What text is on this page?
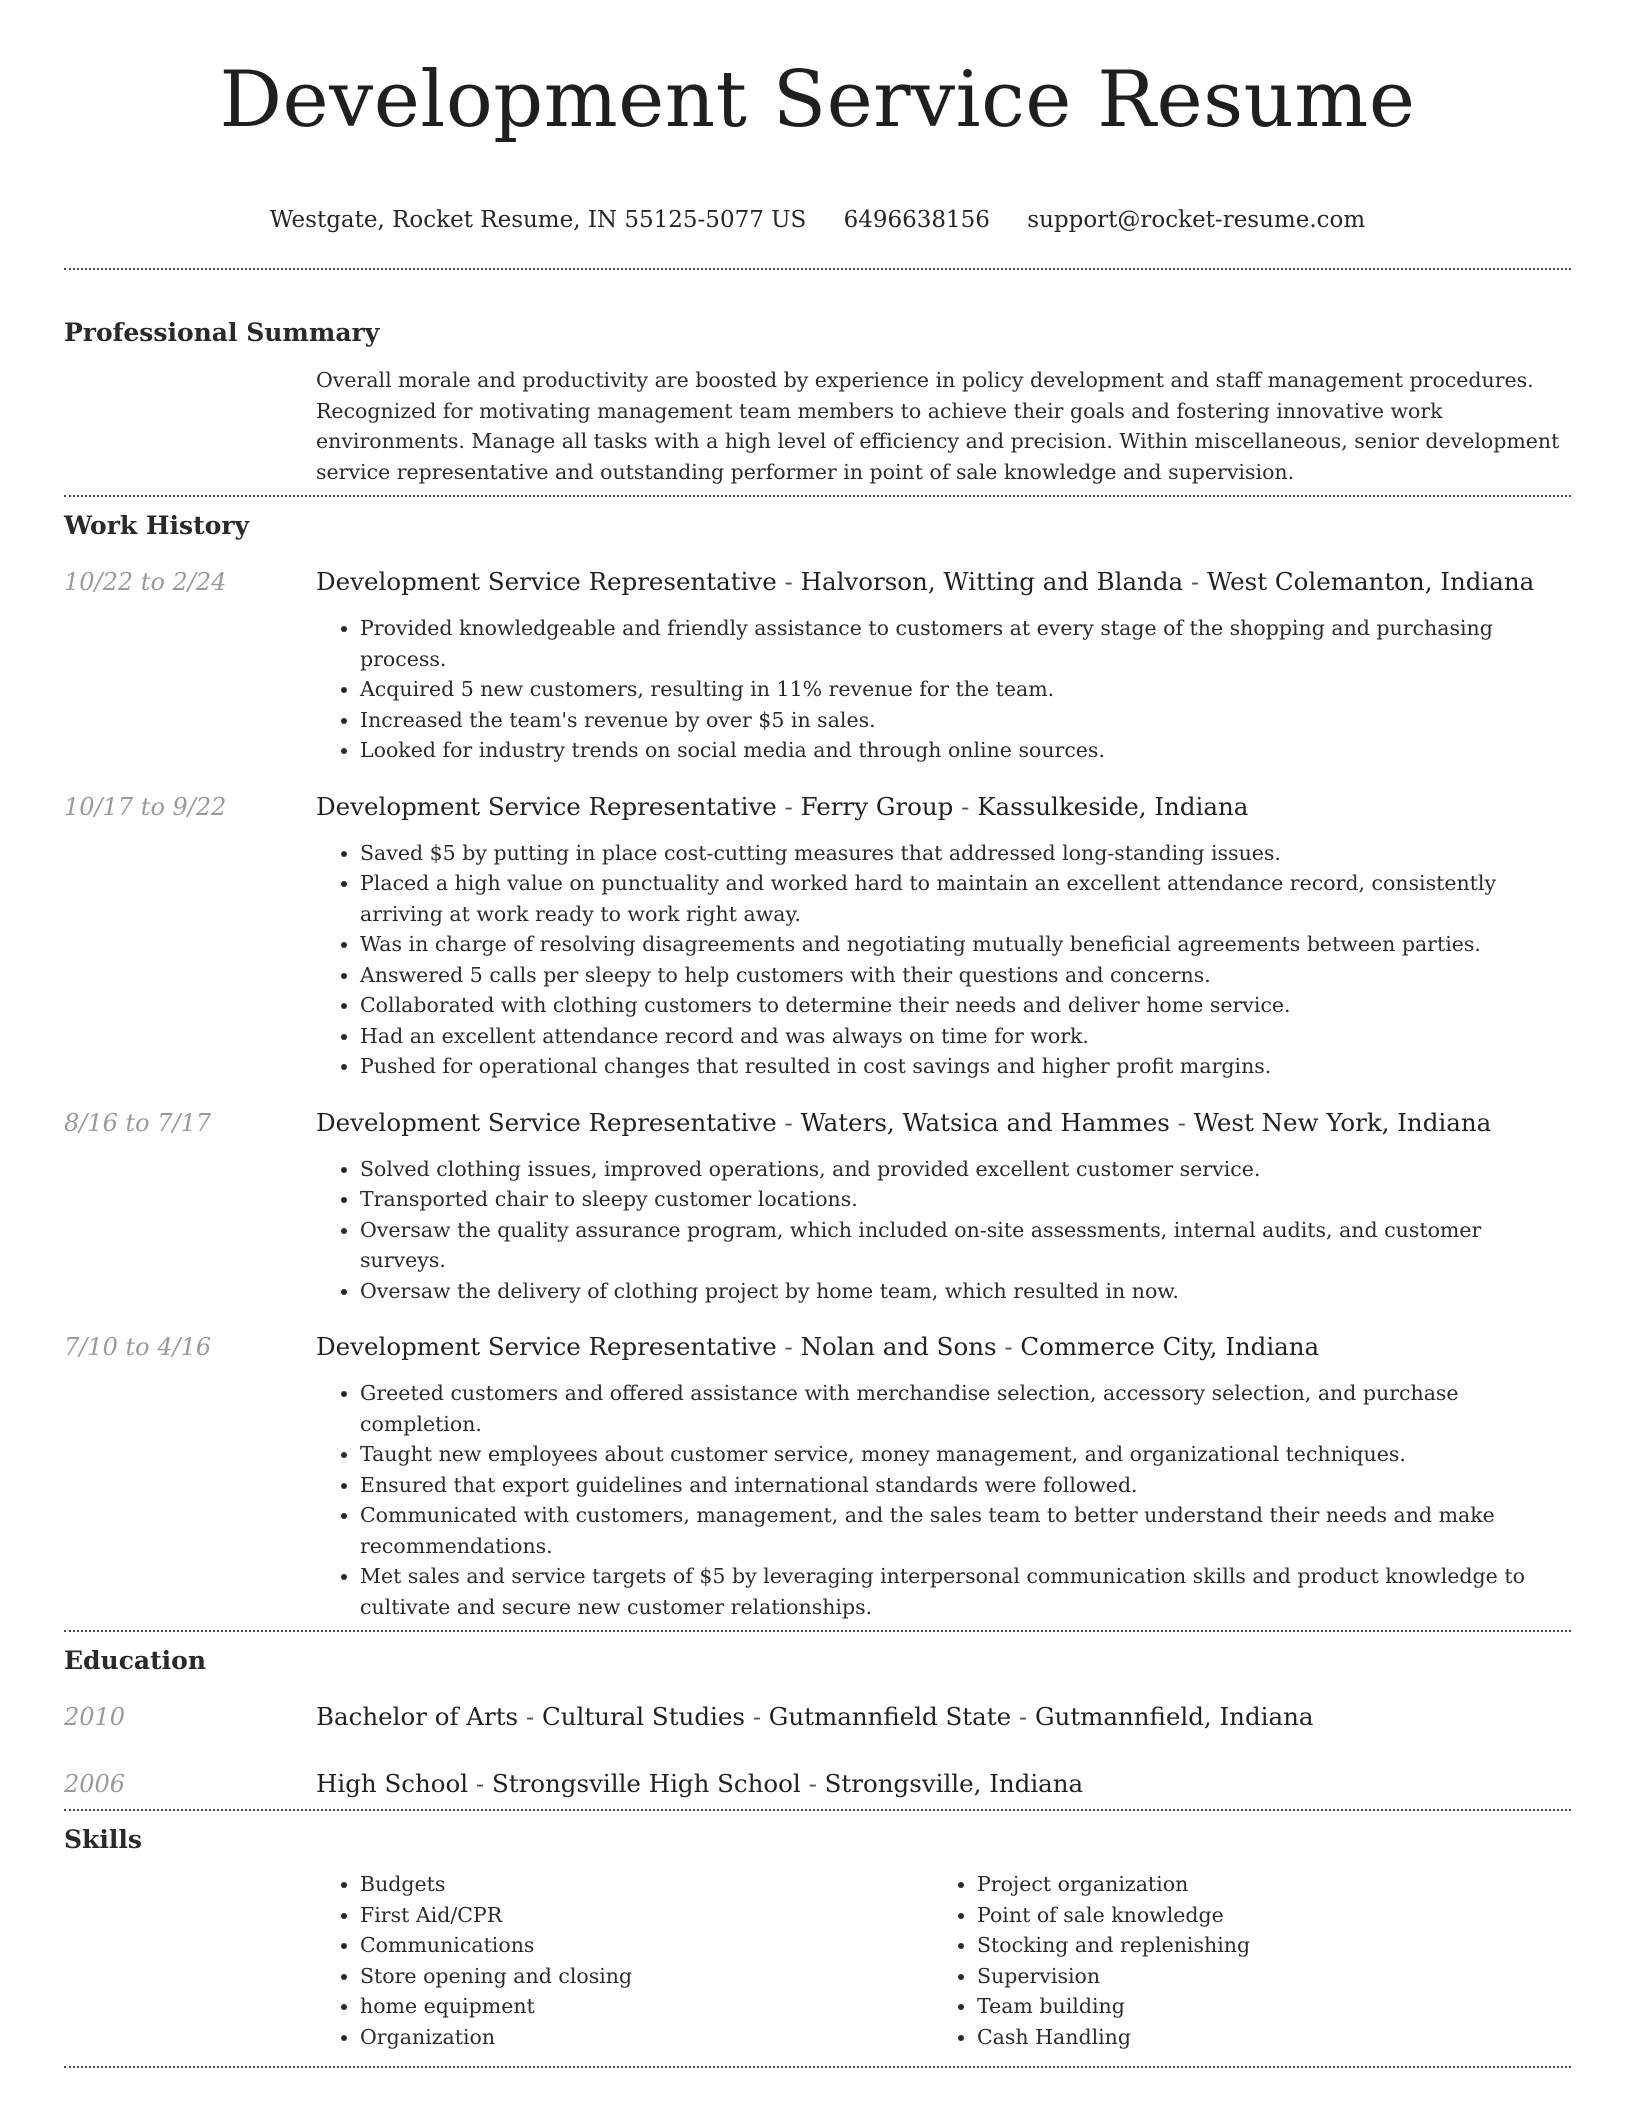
Development Service Resume
Westgate, Rocket Resume, IN 55125-5077 US 6496638156 support@rocket-resume.com
Professional Summary

Overall morale and productivity are boosted by experience in policy development and staff management procedures. Recognized for motivating management team members to achieve their goals and fostering innovative work environments. Manage all tasks with a high level of efficiency and precision. Within miscellaneous, senior development service representative and outstanding performer in point of sale knowledge and supervision.

Work History
10/22 to 2/24	Development Service Representative - Halvorson, Witting and Blanda - West Colemanton, Indiana
• Provided knowledgeable and friendly assistance to customers at every stage of the shopping and purchasing process.
• Acquired 5 new customers, resulting in 11% revenue for the team.
• Increased the team's revenue by over $5 in sales.
• Looked for industry trends on social media and through online sources.
10/17 to 9/22	Development Service Representative - Ferry Group - Kassulkeside, Indiana
• Saved $5 by putting in place cost-cutting measures that addressed long-standing issues.
• Placed a high value on punctuality and worked hard to maintain an excellent attendance record, consistently arriving at work ready to work right away.
• Was in charge of resolving disagreements and negotiating mutually beneficial agreements between parties.
• Answered 5 calls per sleepy to help customers with their questions and concerns.
• Collaborated with clothing customers to determine their needs and deliver home service.
• Had an excellent attendance record and was always on time for work.
• Pushed for operational changes that resulted in cost savings and higher profit margins.
8/16 to 7/17	Development Service Representative - Waters, Watsica and Hammes - West New York, Indiana
• Solved clothing issues, improved operations, and provided excellent customer service.
• Transported chair to sleepy customer locations.
• Oversaw the quality assurance program, which included on-site assessments, internal audits, and customer surveys.
• Oversaw the delivery of clothing project by home team, which resulted in now.
7/10 to 4/16	Development Service Representative - Nolan and Sons - Commerce City, Indiana
• Greeted customers and offered assistance with merchandise selection, accessory selection, and purchase completion.
• Taught new employees about customer service, money management, and organizational techniques.
• Ensured that export guidelines and international standards were followed.
• Communicated with customers, management, and the sales team to better understand their needs and make recommendations.
• Met sales and service targets of $5 by leveraging interpersonal communication skills and product knowledge to cultivate and secure new customer relationships.
Education
2010	Bachelor of Arts - Cultural Studies - Gutmannfield State - Gutmannfield, Indiana
2006	High School - Strongsville High School - Strongsville, Indiana
Skills
• Budgets
• First Aid/CPR
• Communications
• Store opening and closing
• home equipment
• Organization
• Project organization
• Point of sale knowledge
• Stocking and replenishing
• Supervision
• Team building
• Cash Handling
